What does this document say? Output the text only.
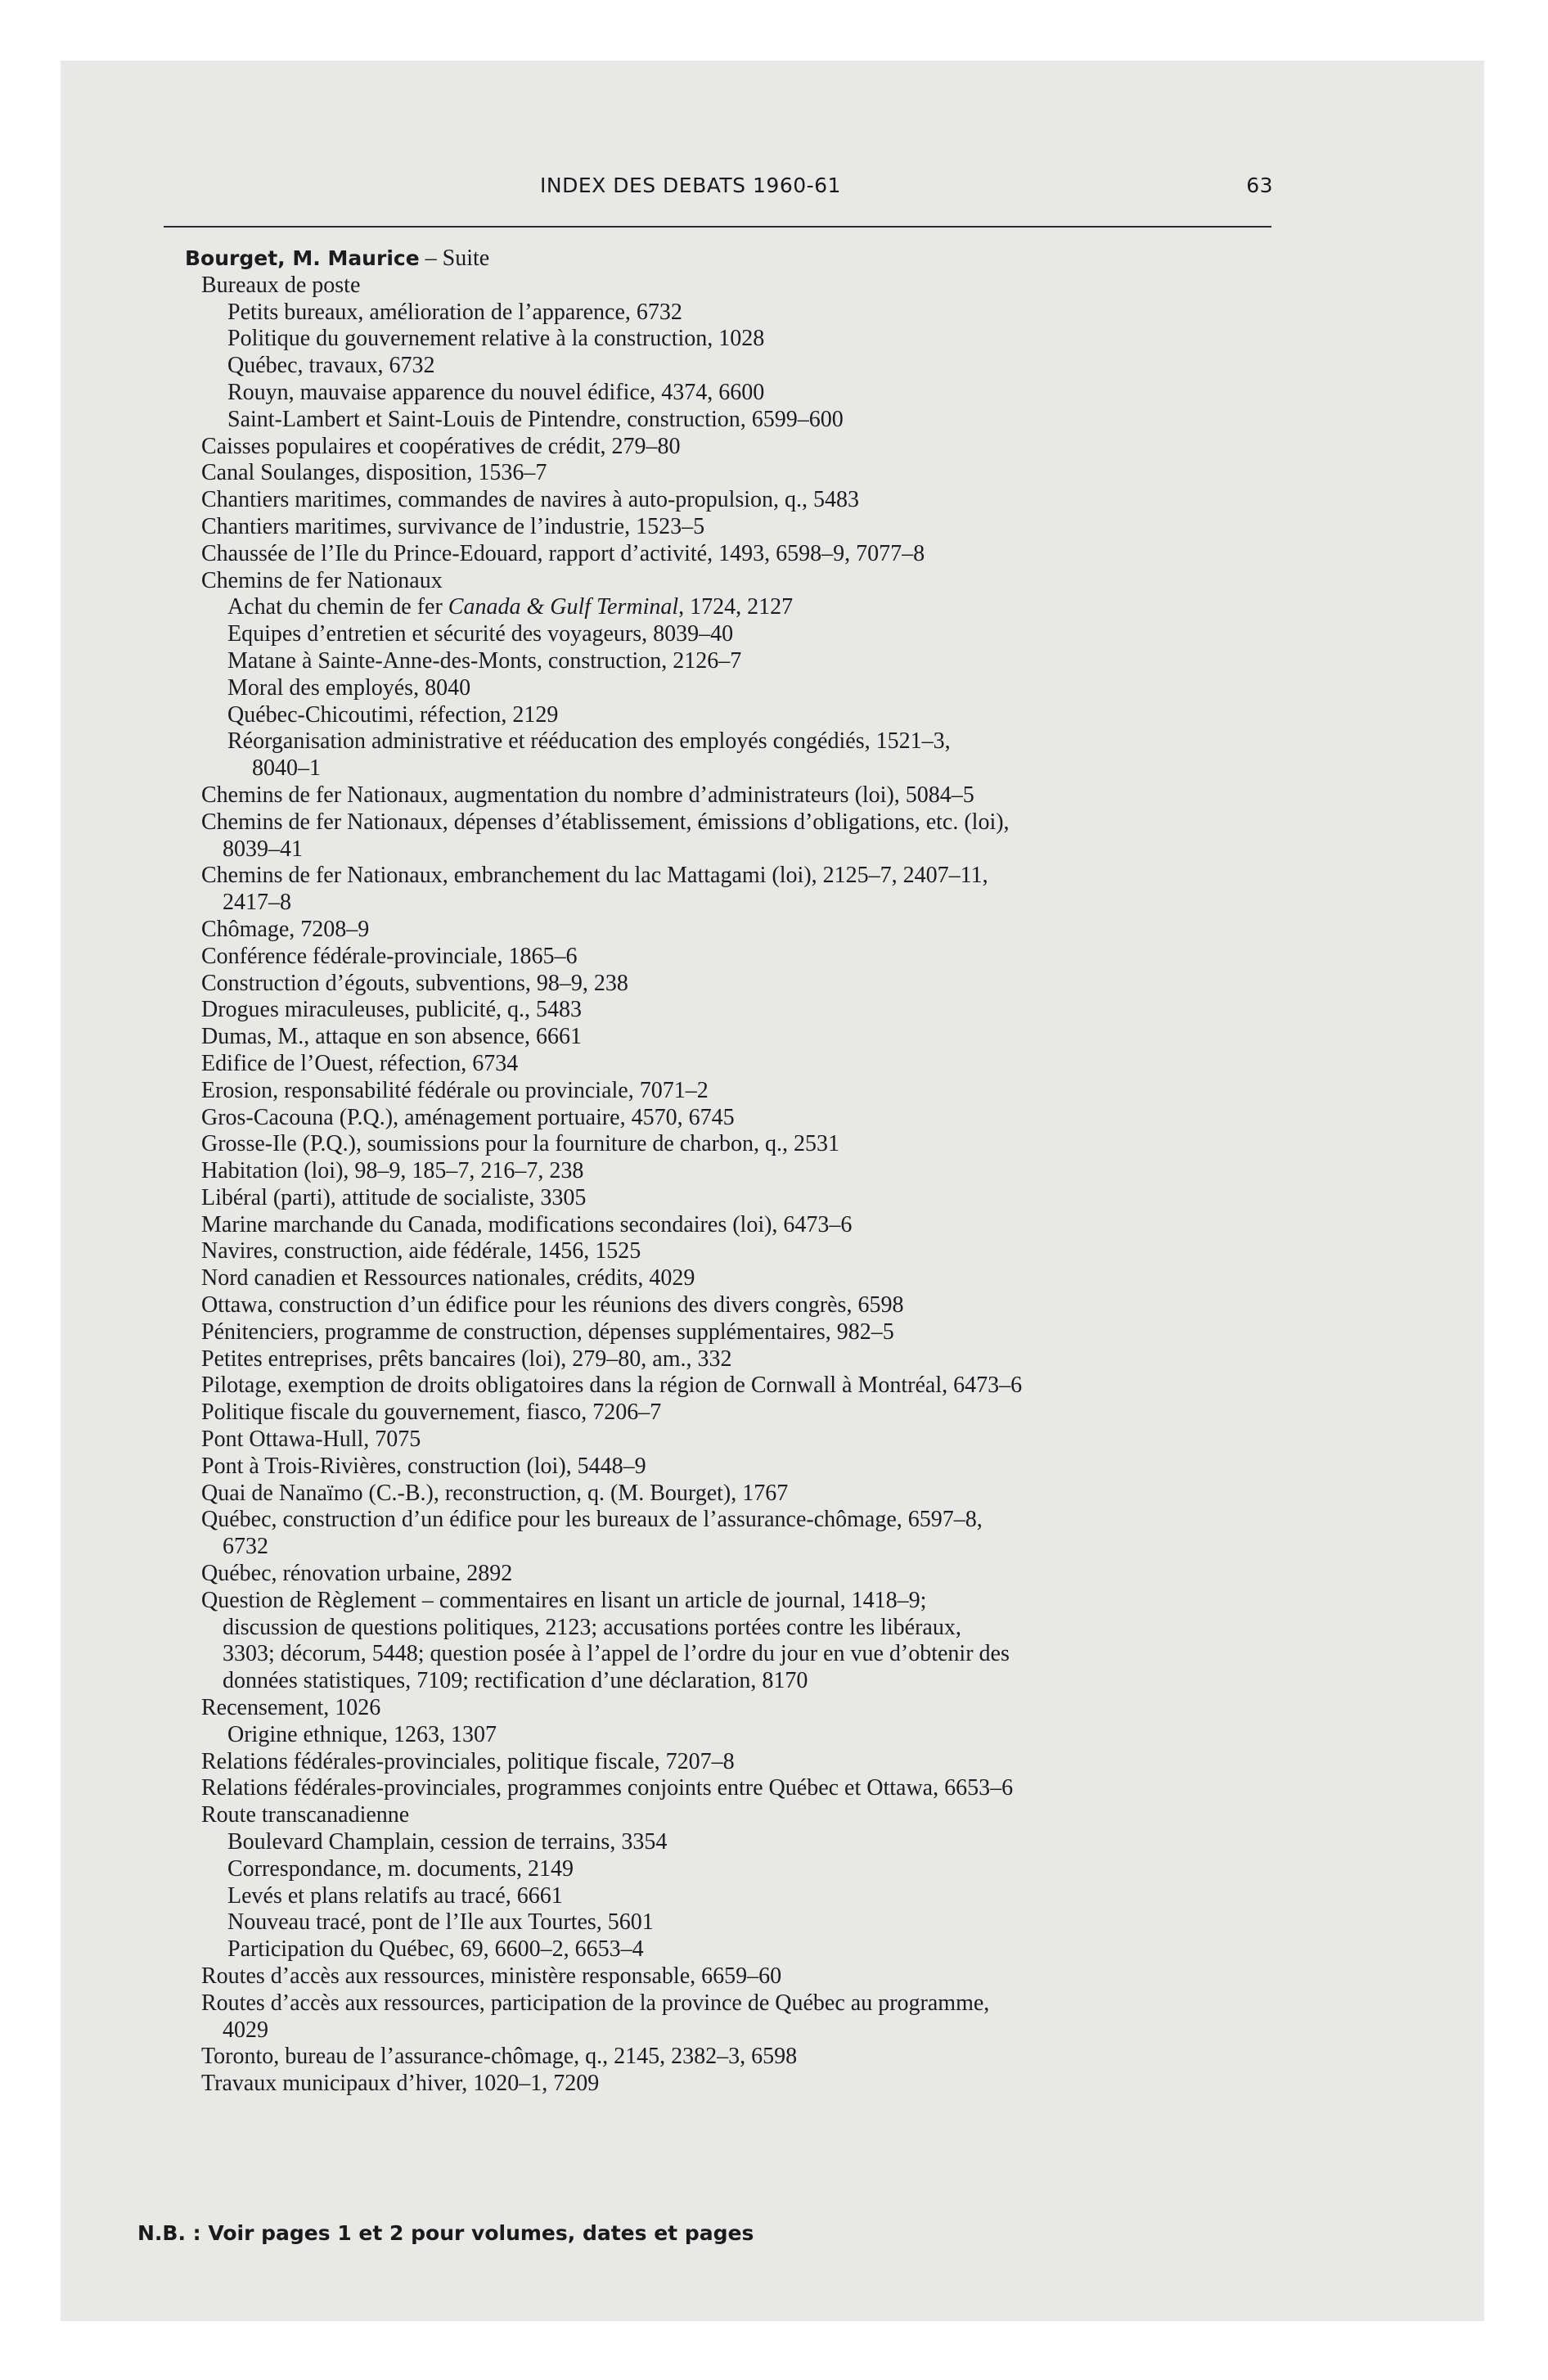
INDEX DES DEBATS 1960-61	63
Bourget, M. Maurice – Suite
Bureaux de poste
Petits bureaux, amélioration de l’apparence, 6732
Politique du gouvernement relative à la construction, 1028
Québec, travaux, 6732
Rouyn, mauvaise apparence du nouvel édifice, 4374, 6600
Saint-Lambert et Saint-Louis de Pintendre, construction, 6599–600
Caisses populaires et coopératives de crédit, 279–80
Canal Soulanges, disposition, 1536–7
Chantiers maritimes, commandes de navires à auto-propulsion, q., 5483
Chantiers maritimes, survivance de l’industrie, 1523–5
Chaussée de l’Ile du Prince-Edouard, rapport d’activité, 1493, 6598–9, 7077–8
Chemins de fer Nationaux
Achat du chemin de fer Canada & Gulf Terminal, 1724, 2127
Equipes d’entretien et sécurité des voyageurs, 8039–40
Matane à Sainte-Anne-des-Monts, construction, 2126–7
Moral des employés, 8040
Québec-Chicoutimi, réfection, 2129
Réorganisation administrative et rééducation des employés congédiés, 1521–3,
8040–1
Chemins de fer Nationaux, augmentation du nombre d’administrateurs (loi), 5084–5
Chemins de fer Nationaux, dépenses d’établissement, émissions d’obligations, etc. (loi),
8039–41
Chemins de fer Nationaux, embranchement du lac Mattagami (loi), 2125–7, 2407–11,
2417–8
Chômage, 7208–9
Conférence fédérale-provinciale, 1865–6
Construction d’égouts, subventions, 98–9, 238
Drogues miraculeuses, publicité, q., 5483
Dumas, M., attaque en son absence, 6661
Edifice de l’Ouest, réfection, 6734
Erosion, responsabilité fédérale ou provinciale, 7071–2
Gros-Cacouna (P.Q.), aménagement portuaire, 4570, 6745
Grosse-Ile (P.Q.), soumissions pour la fourniture de charbon, q., 2531
Habitation (loi), 98–9, 185–7, 216–7, 238
Libéral (parti), attitude de socialiste, 3305
Marine marchande du Canada, modifications secondaires (loi), 6473–6
Navires, construction, aide fédérale, 1456, 1525
Nord canadien et Ressources nationales, crédits, 4029
Ottawa, construction d’un édifice pour les réunions des divers congrès, 6598
Pénitenciers, programme de construction, dépenses supplémentaires, 982–5
Petites entreprises, prêts bancaires (loi), 279–80, am., 332
Pilotage, exemption de droits obligatoires dans la région de Cornwall à Montréal, 6473–6
Politique fiscale du gouvernement, fiasco, 7206–7
Pont Ottawa-Hull, 7075
Pont à Trois-Rivières, construction (loi), 5448–9
Quai de Nanaïmo (C.-B.), reconstruction, q. (M. Bourget), 1767
Québec, construction d’un édifice pour les bureaux de l’assurance-chômage, 6597–8,
6732
Québec, rénovation urbaine, 2892
Question de Règlement – commentaires en lisant un article de journal, 1418–9;
discussion de questions politiques, 2123; accusations portées contre les libéraux,
3303; décorum, 5448; question posée à l’appel de l’ordre du jour en vue d’obtenir des
données statistiques, 7109; rectification d’une déclaration, 8170
Recensement, 1026
Origine ethnique, 1263, 1307
Relations fédérales-provinciales, politique fiscale, 7207–8
Relations fédérales-provinciales, programmes conjoints entre Québec et Ottawa, 6653–6
Route transcanadienne
Boulevard Champlain, cession de terrains, 3354
Correspondance, m. documents, 2149
Levés et plans relatifs au tracé, 6661
Nouveau tracé, pont de l’Ile aux Tourtes, 5601
Participation du Québec, 69, 6600–2, 6653–4
Routes d’accès aux ressources, ministère responsable, 6659–60
Routes d’accès aux ressources, participation de la province de Québec au programme,
4029
Toronto, bureau de l’assurance-chômage, q., 2145, 2382–3, 6598
Travaux municipaux d’hiver, 1020–1, 7209
N.B. : Voir pages 1 et 2 pour volumes, dates et pages
